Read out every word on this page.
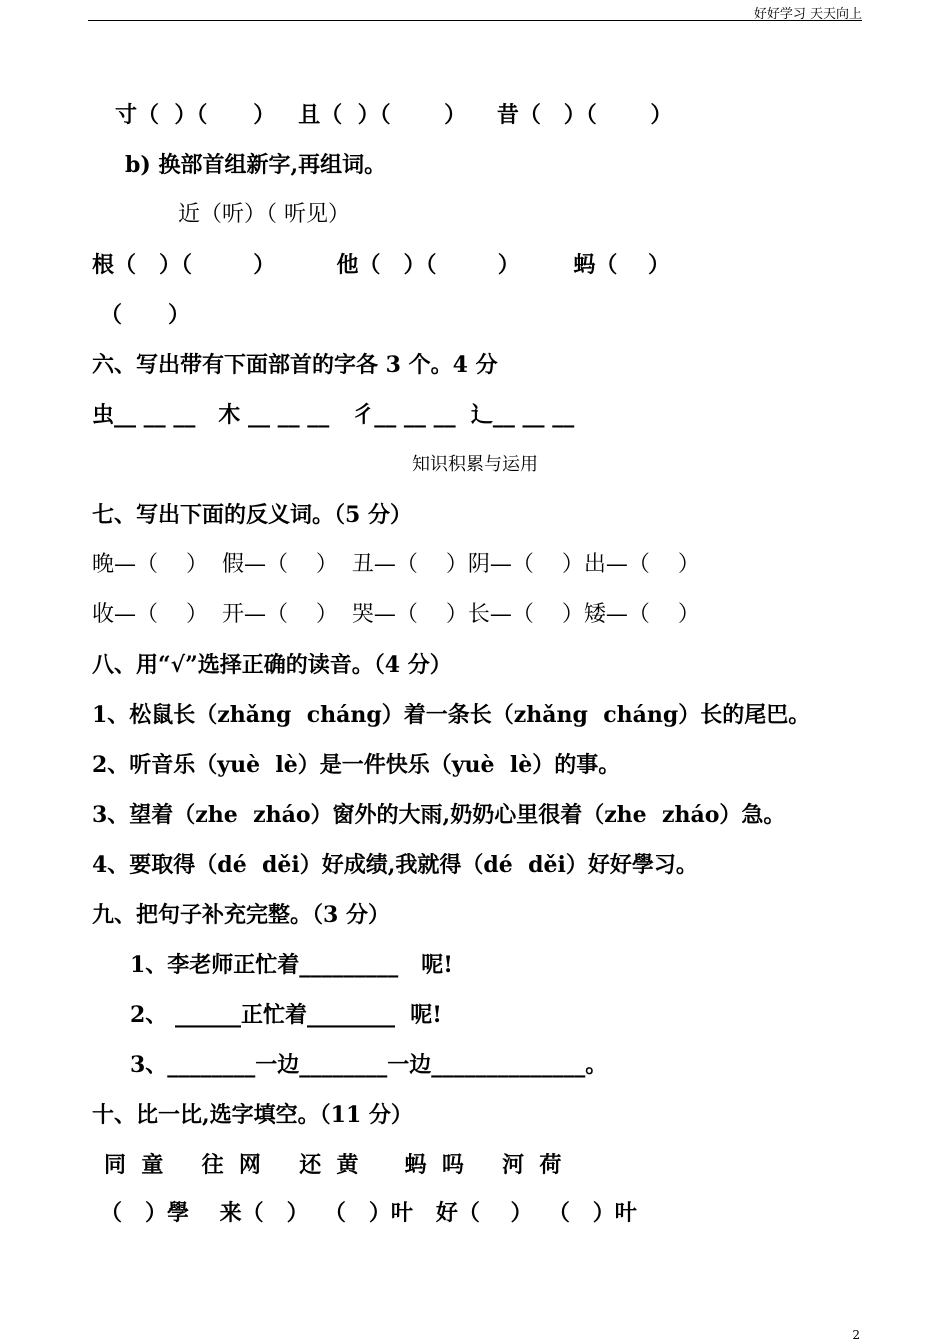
好好学习 天天向上
寸（  ）（      ）   且（  ）（       ）    昔（   ）（       ）
b) 换部首组新字,再组词。
近（听）（ 听见）
根（   ）（        ）        他（   ）（        ）       蚂（    ）
（      ）
六、写出带有下面部首的字各 3 个。4 分
虫__ __ __   木 __ __ __   彳__ __ __  辶__ __ __
知识积累与运用
七、写出下面的反义词。（5 分）
晚—（    ）  假—（    ）  丑—（    ）阴—（    ）出—（    ）
收—（    ）  开—（    ）  哭—（    ）长—（    ）矮—（    ）
八、用“√”选择正确的读音。（4 分）
1、松鼠长（zhǎng  cháng）着一条长（zhǎng  cháng）长的尾巴。
2、听音乐（yuè  lè）是一件快乐（yuè  lè）的事。
3、望着（zhe  zháo）窗外的大雨,奶奶心里很着（zhe  zháo）急。
4、要取得（dé  děi）好成绩,我就得（dé  děi）好好學习。
九、把句子补充完整。（3 分）
1、李老师正忙着_________   呢!
2、 ______正忙着________  呢!
3、________一边________一边______________。
十、比一比,选字填空。（11 分）
同  童     往  网     还  黄      蚂  吗     河  荷
（   ）學    来（   ）  （   ）叶   好（    ）  （   ）叶
2
